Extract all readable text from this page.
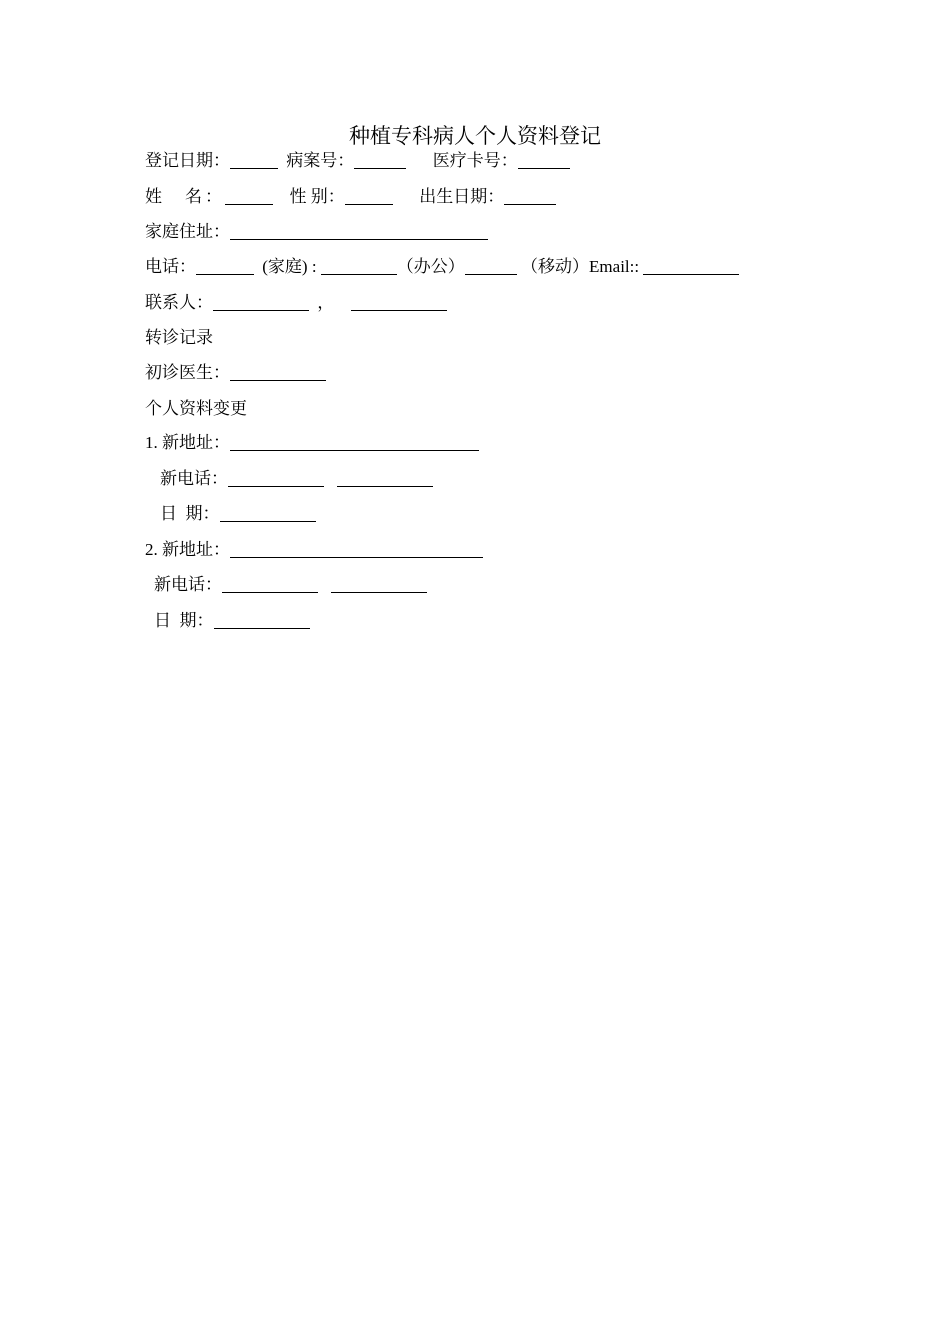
种植专科病人个人资料登记
登记日期：	病案号：	医疗卡号：
姓　名：	性 别：	出生日期：
家庭住址：
电话：	(家庭) :	（办公）	（移动）Email::
联系人：	，
转诊记录
初诊医生：
个人资料变更
1. 新地址：
新电话：
日  期：
2. 新地址：
新电话：
日  期：
